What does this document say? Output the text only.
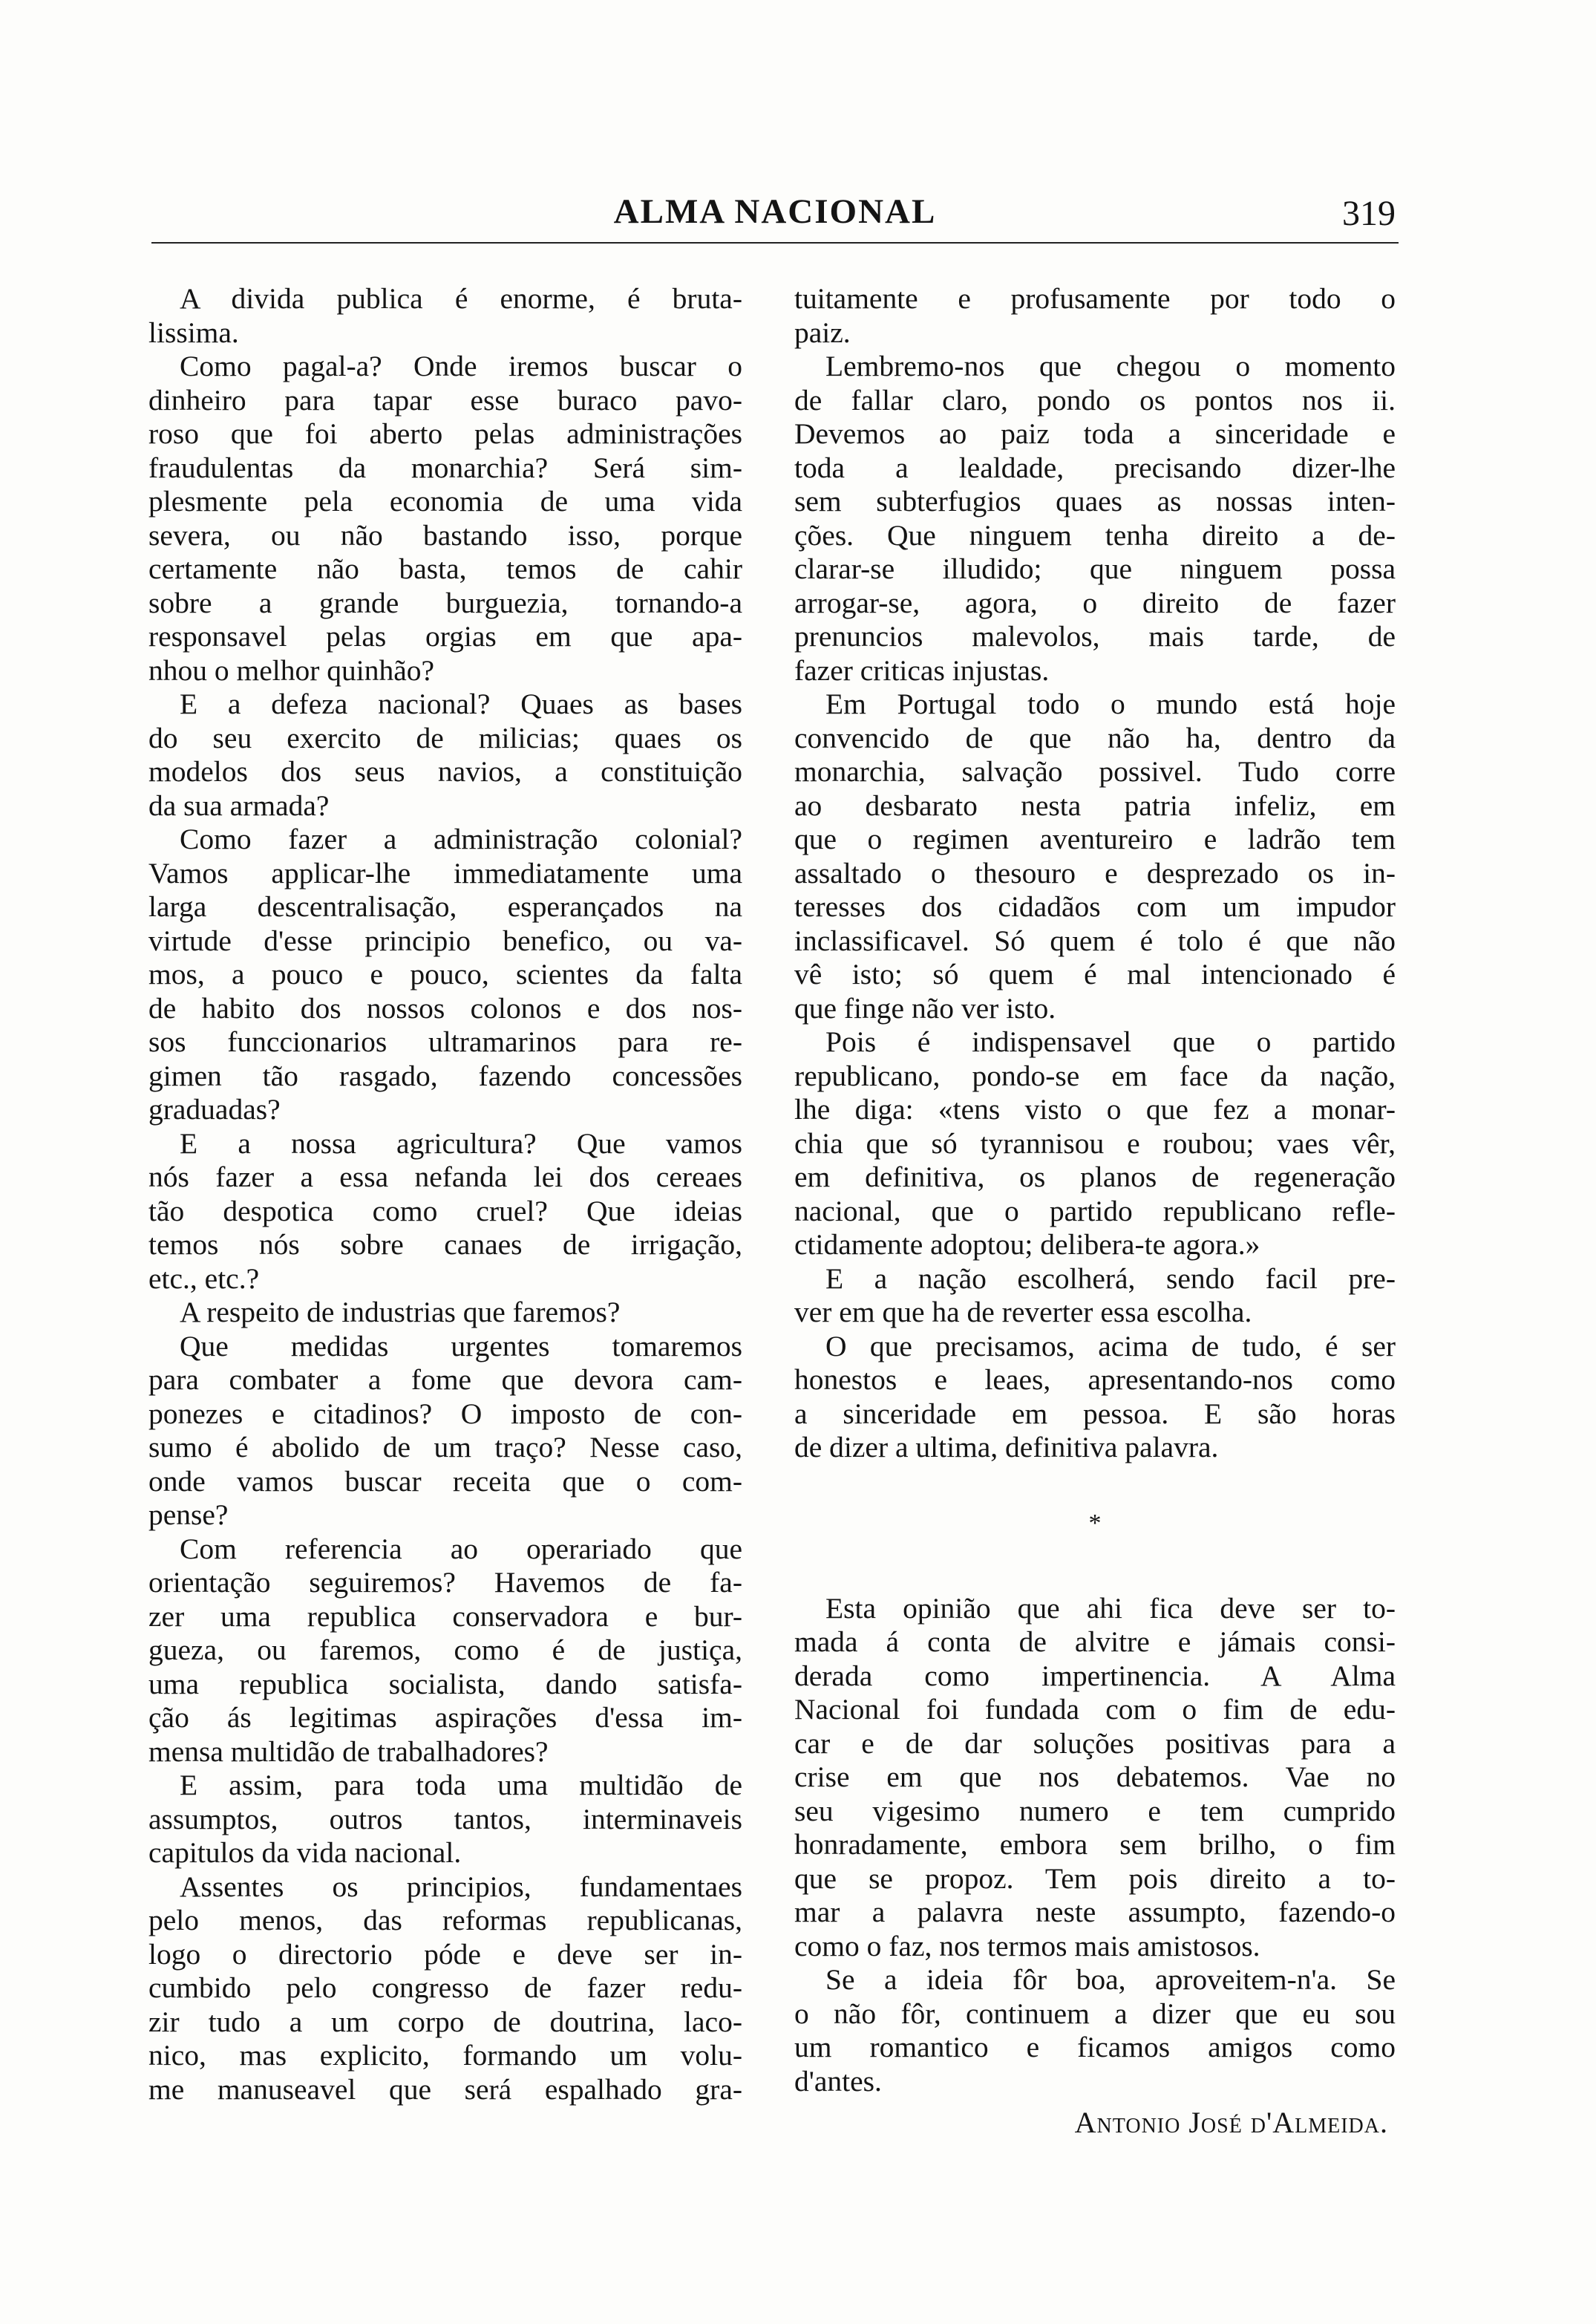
ALMA NACIONAL	319
A divida publica é enorme, é bruta-
lissima.
Como pagal-a? Onde iremos buscar o
dinheiro para tapar esse buraco pavo-
roso que foi aberto pelas administrações
fraudulentas da monarchia? Será sim-
plesmente pela economia de uma vida
severa, ou não bastando isso, porque
certamente não basta, temos de cahir
sobre a grande burguezia, tornando-a
responsavel pelas orgias em que apa-
nhou o melhor quinhão?
E a defeza nacional? Quaes as bases
do seu exercito de milicias; quaes os
modelos dos seus navios, a constituição
da sua armada?
Como fazer a administração colonial?
Vamos applicar-lhe immediatamente uma
larga descentralisação, esperançados na
virtude d'esse principio benefico, ou va-
mos, a pouco e pouco, scientes da falta
de habito dos nossos colonos e dos nos-
sos funccionarios ultramarinos para re-
gimen tão rasgado, fazendo concessões
graduadas?
E a nossa agricultura? Que vamos
nós fazer a essa nefanda lei dos cereaes
tão despotica como cruel? Que ideias
temos nós sobre canaes de irrigação,
etc., etc.?
A respeito de industrias que faremos?
Que medidas urgentes tomaremos
para combater a fome que devora cam-
ponezes e citadinos? O imposto de con-
sumo é abolido de um traço? Nesse caso,
onde vamos buscar receita que o com-
pense?
Com referencia ao operariado que
orientação seguiremos? Havemos de fa-
zer uma republica conservadora e bur-
gueza, ou faremos, como é de justiça,
uma republica socialista, dando satisfa-
ção ás legitimas aspirações d'essa im-
mensa multidão de trabalhadores?
E assim, para toda uma multidão de
assumptos, outros tantos, interminaveis
capitulos da vida nacional.
Assentes os principios, fundamentaes
pelo menos, das reformas republicanas,
logo o directorio póde e deve ser in-
cumbido pelo congresso de fazer redu-
zir tudo a um corpo de doutrina, laco-
nico, mas explicito, formando um volu-
me manuseavel que será espalhado gra-
tuitamente e profusamente por todo o
paiz.
Lembremo-nos que chegou o momento
de fallar claro, pondo os pontos nos ii.
Devemos ao paiz toda a sinceridade e
toda a lealdade, precisando dizer-lhe
sem subterfugios quaes as nossas inten-
ções. Que ninguem tenha direito a de-
clarar-se illudido; que ninguem possa
arrogar-se, agora, o direito de fazer
prenuncios malevolos, mais tarde, de
fazer criticas injustas.
Em Portugal todo o mundo está hoje
convencido de que não ha, dentro da
monarchia, salvação possivel. Tudo corre
ao desbarato nesta patria infeliz, em
que o regimen aventureiro e ladrão tem
assaltado o thesouro e desprezado os in-
teresses dos cidadãos com um impudor
inclassificavel. Só quem é tolo é que não
vê isto; só quem é mal intencionado é
que finge não ver isto.
Pois é indispensavel que o partido
republicano, pondo-se em face da nação,
lhe diga: «tens visto o que fez a monar-
chia que só tyrannisou e roubou; vaes vêr,
em definitiva, os planos de regeneração
nacional, que o partido republicano refle-
ctidamente adoptou; delibera-te agora.»
E a nação escolherá, sendo facil pre-
ver em que ha de reverter essa escolha.
O que precisamos, acima de tudo, é ser
honestos e leaes, apresentando-nos como
a sinceridade em pessoa. E são horas
de dizer a ultima, definitiva palavra.
*
Esta opinião que ahi fica deve ser to-
mada á conta de alvitre e jámais consi-
derada como impertinencia. A Alma
Nacional foi fundada com o fim de edu-
car e de dar soluções positivas para a
crise em que nos debatemos. Vae no
seu vigesimo numero e tem cumprido
honradamente, embora sem brilho, o fim
que se propoz. Tem pois direito a to-
mar a palavra neste assumpto, fazendo-o
como o faz, nos termos mais amistosos.
Se a ideia fôr boa, aproveitem-n'a. Se
o não fôr, continuem a dizer que eu sou
um romantico e ficamos amigos como
d'antes.
Antonio José d'Almeida.
